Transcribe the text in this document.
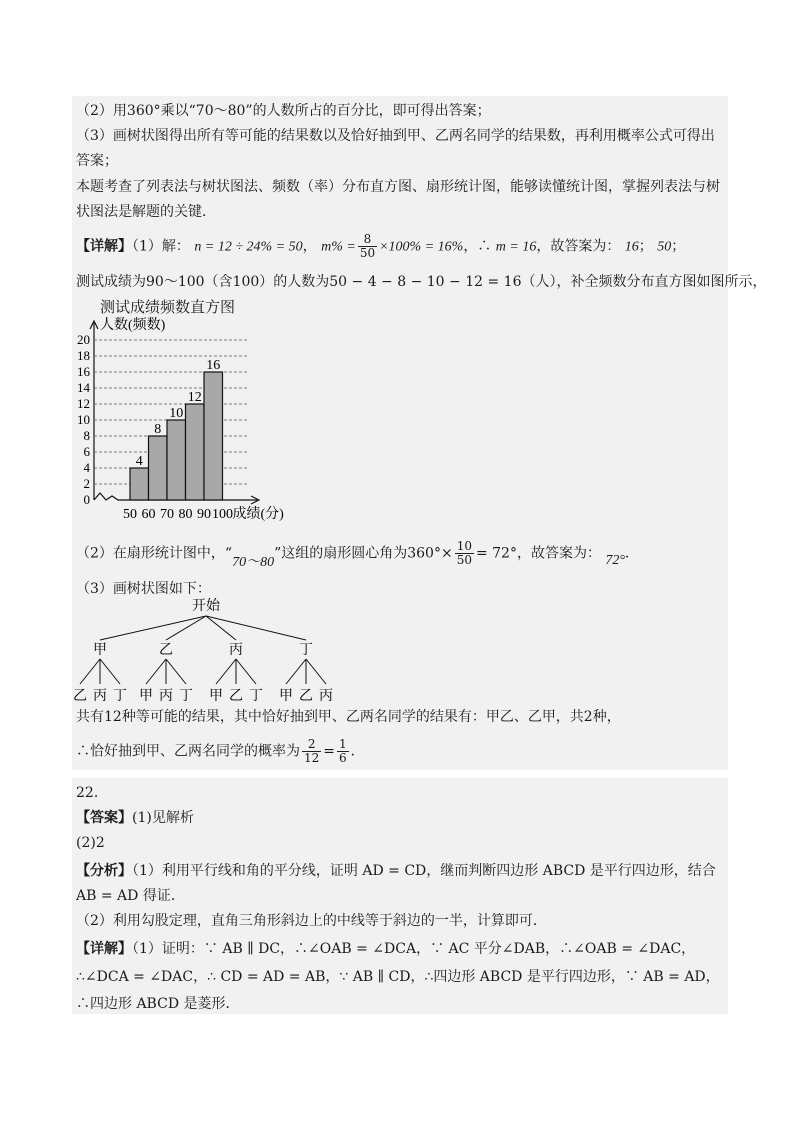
（2）用360°乘以“70～80”的人数所占的百分比，即可得出答案；
（3）画树状图得出所有等可能的结果数以及恰好抽到甲、乙两名同学的结果数，再利用概率公式可得出
答案；
本题考查了列表法与树状图法、频数（率）分布直方图、扇形统计图，能够读懂统计图，掌握列表法与树
状图法是解题的关键．
【详解】（1）解： n = 12 ÷ 24% = 50， $m\% = \frac{8}{50} \times 100\% = 16\%$，∴ m = 16，故答案为： 16； 50；
测试成绩为90～100（含100）的人数为50 − 4 − 8 − 10 − 12 = 16（人），补全频数分布直方图如图所示，
测试成绩频数直方图
人数(频数)
0
2
4
6
8
10
12
14
16
18
20
4
8
10
12
16
50 60 70 80 90 100 成绩(分)
（2）在扇形统计图中，“70～80”这组的扇形圆心角为$360^\circ\times \frac{10}{50} = 72^\circ$，故答案为： 72°．
（3）画树状图如下：
开始
甲
乙 丙 丁
乙
甲 丙 丁
丙
甲 乙 丁
丁
甲 乙 丙
共有12种等可能的结果，其中恰好抽到甲、乙两名同学的结果有：甲乙、乙甲，共2种，
∴恰好抽到甲、乙两名同学的概率为 $\frac{2}{12} = \frac{1}{6}$ ．
22．
【答案】(1)见解析
(2)2
【分析】（1）利用平行线和角的平分线，证明 AD = CD，继而判断四边形 ABCD 是平行四边形，结合
AB = AD 得证．
（2）利用勾股定理，直角三角形斜边上的中线等于斜边的一半，计算即可．
【详解】（1）证明：∵ AB ∥ DC，∴∠OAB = ∠DCA，∵ AC 平分∠DAB，∴∠OAB = ∠DAC，
∴∠DCA = ∠DAC，∴ CD = AD = AB，∵ AB ∥ CD，∴四边形 ABCD 是平行四边形，∵ AB = AD，
∴四边形 ABCD 是菱形．
